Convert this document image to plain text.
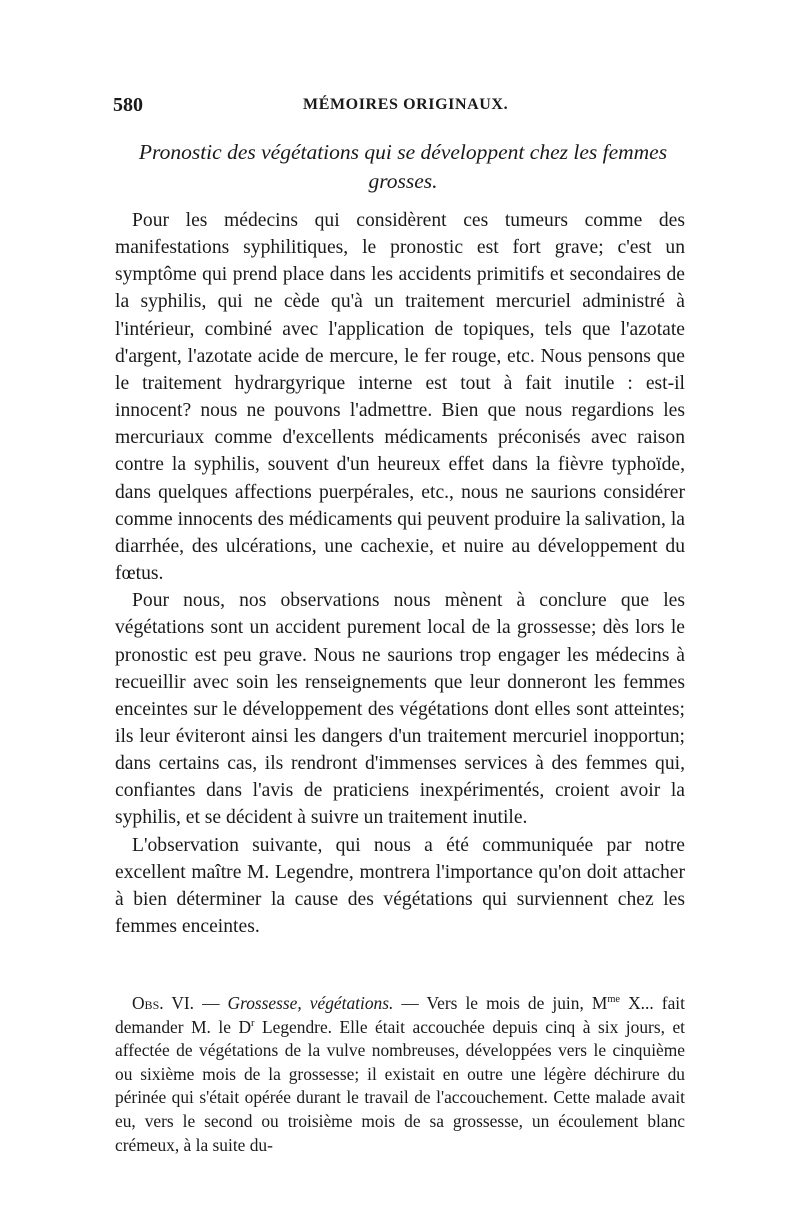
580	MÉMOIRES ORIGINAUX.
Pronostic des végétations qui se développent chez les femmes grosses.

Pour les médecins qui considèrent ces tumeurs comme des manifestations syphilitiques, le pronostic est fort grave; c'est un symptôme qui prend place dans les accidents primitifs et secondaires de la syphilis, qui ne cède qu'à un traitement mercuriel administré à l'intérieur, combiné avec l'application de topiques, tels que l'azotate d'argent, l'azotate acide de mercure, le fer rouge, etc. Nous pensons que le traitement hydrargyrique interne est tout à fait inutile : est-il innocent? nous ne pouvons l'admettre. Bien que nous regardions les mercuriaux comme d'excellents médicaments préconisés avec raison contre la syphilis, souvent d'un heureux effet dans la fièvre typhoïde, dans quelques affections puerpérales, etc., nous ne saurions considérer comme innocents des médicaments qui peuvent produire la salivation, la diarrhée, des ulcérations, une cachexie, et nuire au développement du fœtus.

Pour nous, nos observations nous mènent à conclure que les végétations sont un accident purement local de la grossesse; dès lors le pronostic est peu grave. Nous ne saurions trop engager les médecins à recueillir avec soin les renseignements que leur donneront les femmes enceintes sur le développement des végétations dont elles sont atteintes; ils leur éviteront ainsi les dangers d'un traitement mercuriel inopportun; dans certains cas, ils rendront d'immenses services à des femmes qui, confiantes dans l'avis de praticiens inexpérimentés, croient avoir la syphilis, et se décident à suivre un traitement inutile.

L'observation suivante, qui nous a été communiquée par notre excellent maître M. Legendre, montrera l'importance qu'on doit attacher à bien déterminer la cause des végétations qui surviennent chez les femmes enceintes.

Obs. VI. — Grossesse, végétations. — Vers le mois de juin, $M^{me}$ X... fait demander M. le $D^r$ Legendre. Elle était accouchée depuis cinq à six jours, et affectée de végétations de la vulve nombreuses, développées vers le cinquième ou sixième mois de la grossesse; il existait en outre une légère déchirure du périnée qui s'était opérée durant le travail de l'accouchement. Cette malade avait eu, vers le second ou troisième mois de sa grossesse, un écoulement blanc crémeux, à la suite du-
